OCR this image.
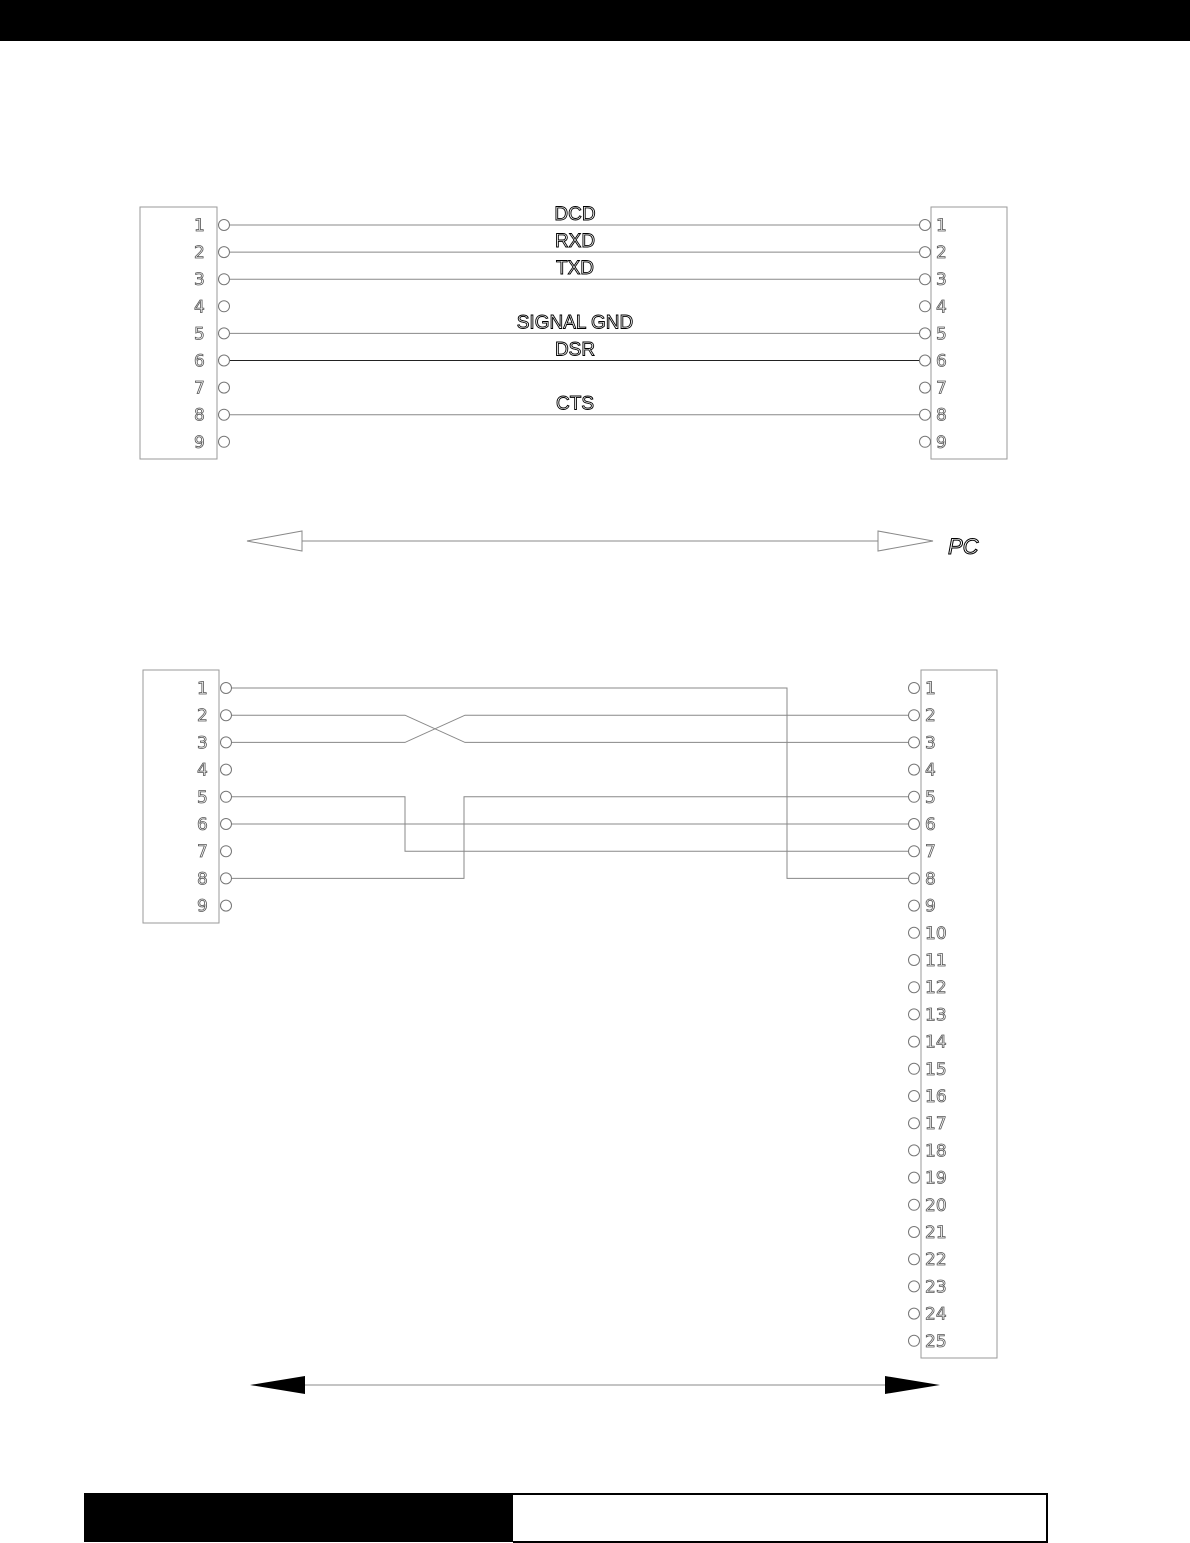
1
2
3
4
5
6
7
8
9
1
2
3
4
5
6
7
8
9
DCD
RXD
TXD
SIGNAL GND
DSR
CTS
PC
1
2
3
4
5
6
7
8
9
1
2
3
4
5
6
7
8
9
10
11
12
13
14
15
16
17
18
19
20
21
22
23
24
25
